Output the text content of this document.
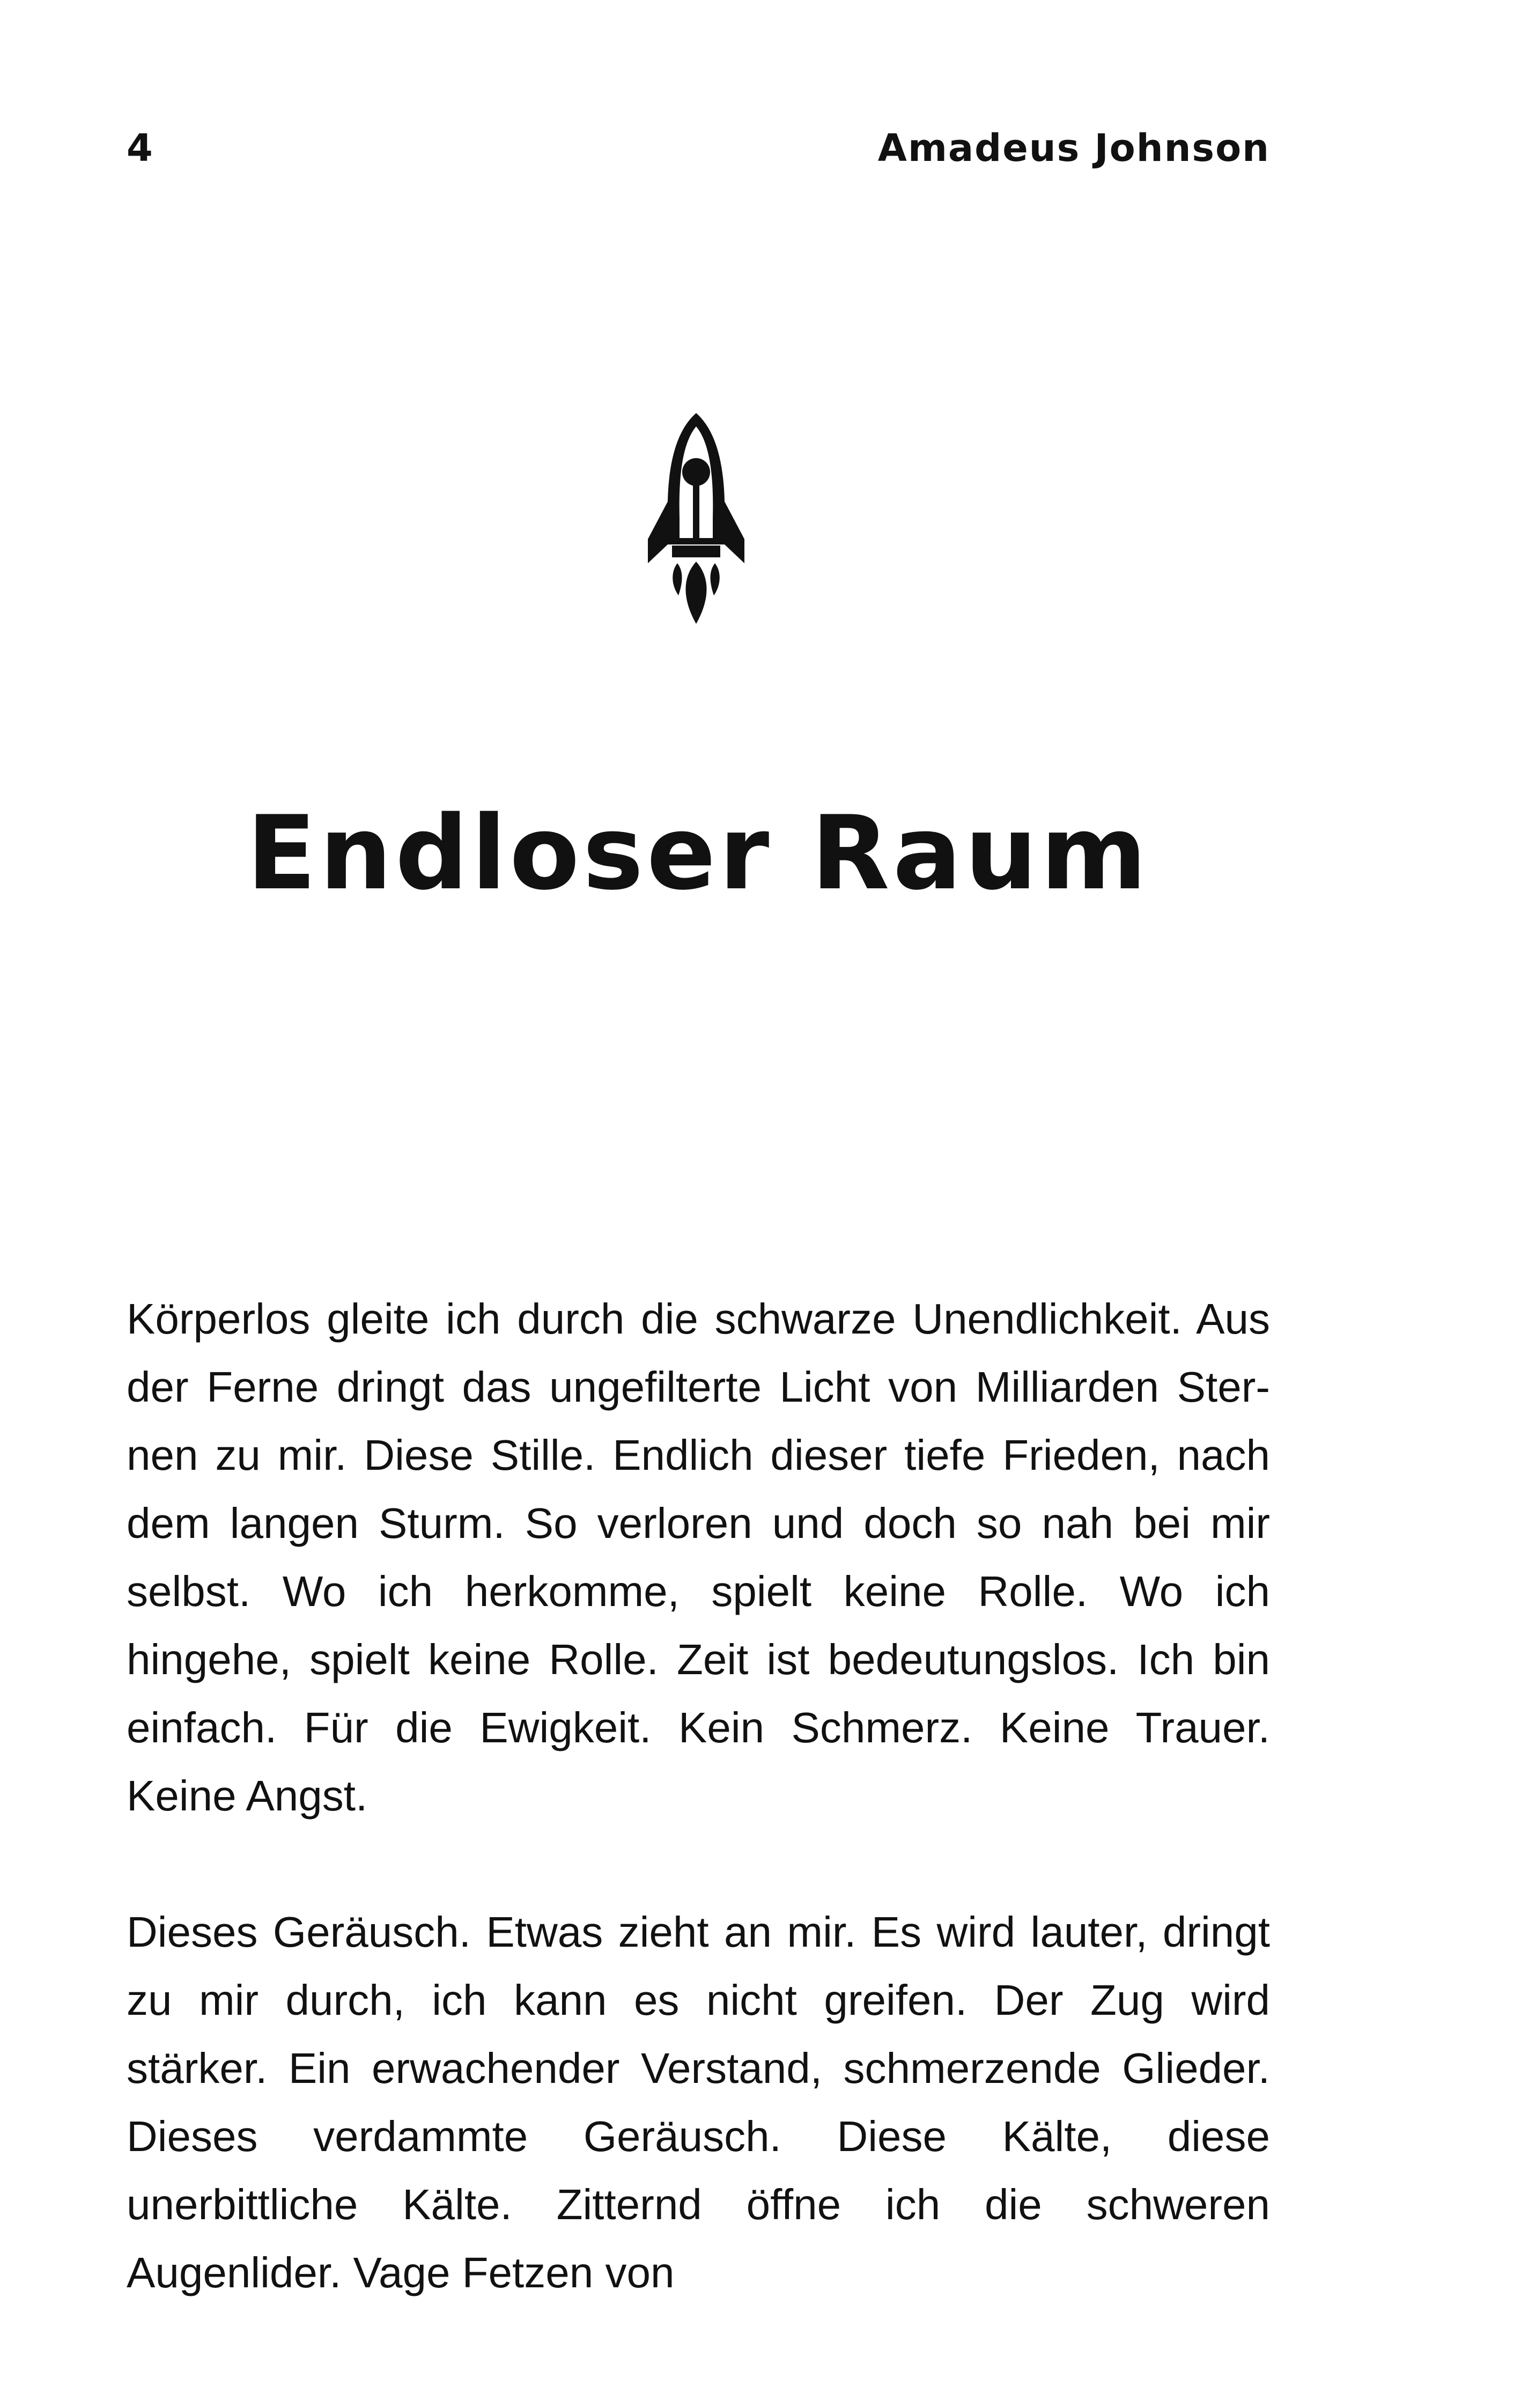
4	Amadeus Johnson
Endloser Raum

Körperlos gleite ich durch die schwarze Unendlichkeit. Aus der Ferne dringt das ungefilterte Licht von Milliarden Sternen zu mir. Diese Stille. Endlich dieser tiefe Frieden, nach dem langen Sturm. So verloren und doch so nah bei mir selbst. Wo ich herkomme, spielt keine Rolle. Wo ich hingehe, spielt keine Rolle. Zeit ist bedeutungslos. Ich bin einfach. Für die Ewigkeit. Kein Schmerz. Keine Trauer. Keine Angst.

Dieses Geräusch. Etwas zieht an mir. Es wird lauter, dringt zu mir durch, ich kann es nicht greifen. Der Zug wird stärker. Ein erwachender Verstand, schmerzende Glieder. Dieses verdammte Geräusch. Diese Kälte, diese unerbittliche Kälte. Zitternd öffne ich die schweren Augenlider. Vage Fetzen von
